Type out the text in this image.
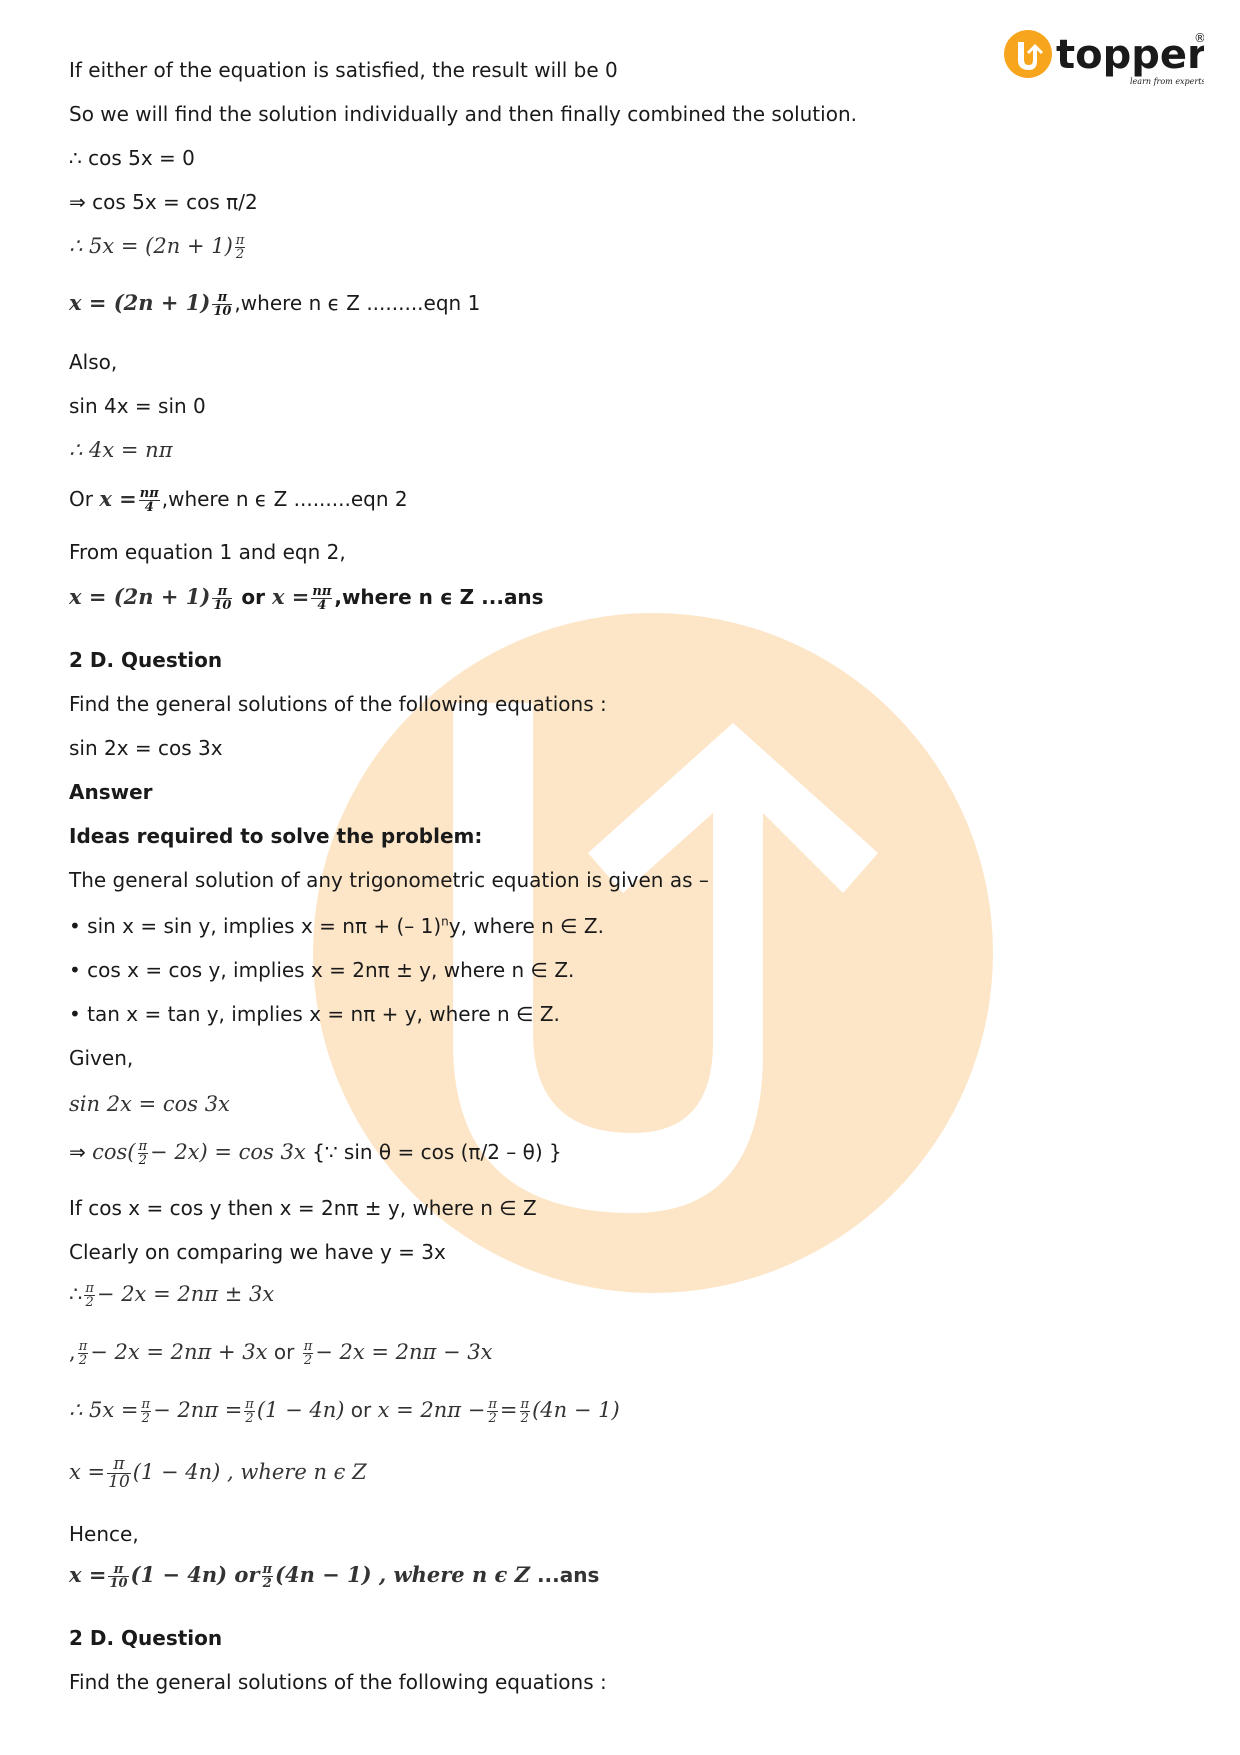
topper
®
learn from experts
If either of the equation is satisfied, the result will be 0
So we will find the solution individually and then finally combined the solution.
∴ cos 5x = 0
⇒ cos 5x = cos π/2
∴ $5x = (2n + 1) \frac{\pi}{2}$
$x = (2n + 1) \frac{\pi}{10}$ ,where n ϵ Z .........eqn 1
Also,
sin 4x = sin 0
∴ 4x = nπ
Or $x = \frac{n\pi}{4}$ ,where n ϵ Z .........eqn 2
From equation 1 and eqn 2,
$x = (2n + 1) \frac{\pi}{10}$ or $x = \frac{n\pi}{4}$ ,where n ϵ Z ...ans
2 D. Question
Find the general solutions of the following equations :
sin 2x = cos 3x
Answer
Ideas required to solve the problem:
The general solution of any trigonometric equation is given as –
• sin x = sin y, implies x = nπ + (– 1)$^n$y, where n ∈ Z.
• cos x = cos y, implies x = 2nπ ± y, where n ∈ Z.
• tan x = tan y, implies x = nπ + y, where n ∈ Z.
Given,
sin 2x = cos 3x
⇒ $\cos( \frac{\pi}{2} - 2x) = \cos 3x$ {∵ sin θ = cos (π/2 – θ) }
If cos x = cos y then x = 2nπ ± y, where n ∈ Z
Clearly on comparing we have y = 3x
∴ $\frac{\pi}{2} - 2x = 2n\pi \pm 3x$
, $\frac{\pi}{2} - 2x = 2n\pi + 3x$ or $\frac{\pi}{2} - 2x = 2n\pi - 3x$
∴ $5x = \frac{\pi}{2} - 2n\pi = \frac{\pi}{2} (1 - 4n)$ or $x = 2n\pi - \frac{\pi}{2} = \frac{\pi}{2} (4n - 1)$
$x = \frac{\pi}{10} (1 - 4n)$ , where n ϵ Z
Hence,
$x = \frac{\pi}{10} (1 - 4n)$ or $\frac{\pi}{2} (4n - 1)$ , where n ϵ Z ...ans
2 D. Question
Find the general solutions of the following equations :
